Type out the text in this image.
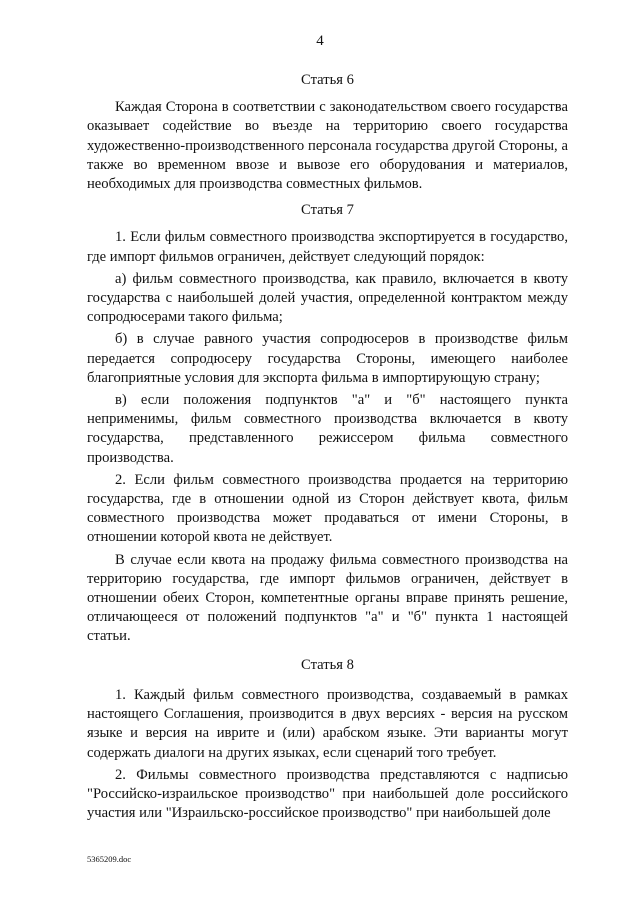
4
Статья 6

Каждая Сторона в соответствии с законодательством своего государства оказывает содействие во въезде на территорию своего государства художественно-производственного персонала государства другой Стороны, а также во временном ввозе и вывозе его оборудования и материалов, необходимых для производства совместных фильмов.

Статья 7

1. Если фильм совместного производства экспортируется в государство, где импорт фильмов ограничен, действует следующий порядок:

а) фильм совместного производства, как правило, включается в квоту государства с наибольшей долей участия, определенной контрактом между сопродюсерами такого фильма;

б) в случае равного участия сопродюсеров в производстве фильм передается сопродюсеру государства Стороны, имеющего наиболее благоприятные условия для экспорта фильма в импортирующую страну;

в) если положения подпунктов "а" и "б" настоящего пункта неприменимы, фильм совместного производства включается в квоту государства, представленного режиссером фильма совместного производства.

2. Если фильм совместного производства продается на территорию государства, где в отношении одной из Сторон действует квота, фильм совместного производства может продаваться от имени Стороны, в отношении которой квота не действует.

В случае если квота на продажу фильма совместного производства на территорию государства, где импорт фильмов ограничен, действует в отношении обеих Сторон, компетентные органы вправе принять решение, отличающееся от положений подпунктов "а" и "б" пункта 1 настоящей статьи.

Статья 8

1. Каждый фильм совместного производства, создаваемый в рамках настоящего Соглашения, производится в двух версиях - версия на русском языке и версия на иврите и (или) арабском языке. Эти варианты могут содержать диалоги на других языках, если сценарий того требует.

2. Фильмы совместного производства представляются с надписью "Российско-израильское производство" при наибольшей доле российского участия или "Израильско-российское производство" при наибольшей доле

5365209.doc
